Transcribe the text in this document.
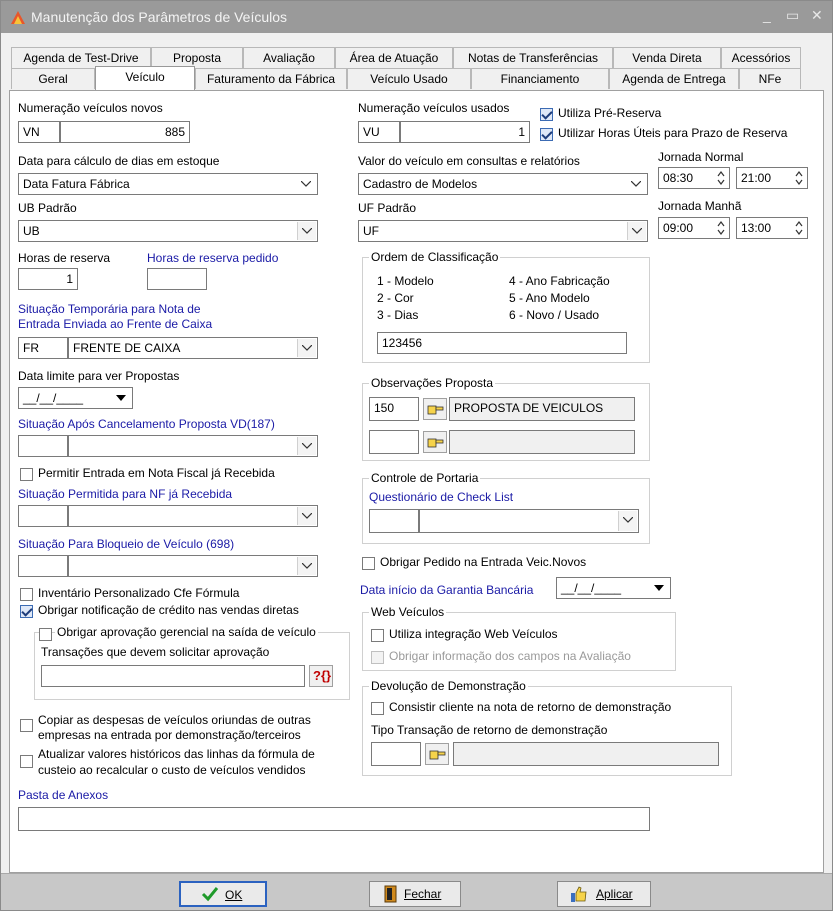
Manutenção dos Parâmetros de Veículos	_ ▭ ✕
Agenda de Test-Drive	Proposta	Avaliação	Área de Atuação	Notas de Transferências	Venda Direta	Acessórios
Geral	Veículo	Faturamento da Fábrica	Veículo Usado	Financiamento	Agenda de Entrega	NFe
Numeração veículos novos
VN	885
Data para cálculo de dias em estoque
Data Fatura Fábrica
UB Padrão
UB
Horas de reserva	Horas de reserva pedido
1
Situação Temporária para Nota de
Entrada Enviada ao Frente de Caixa
FR	FRENTE DE CAIXA
Data limite para ver Propostas
__/__/____
Situação Após Cancelamento Proposta VD(187)
Permitir Entrada em Nota Fiscal já Recebida
Situação Permitida para NF já Recebida
Situação Para Bloqueio de Veículo (698)
Inventário Personalizado Cfe Fórmula
Obrigar notificação de crédito nas vendas diretas
Obrigar aprovação gerencial na saída de veículo
Transações que devem solicitar aprovação
?{}
Copiar as despesas de veículos oriundas de outras
empresas na entrada por demonstração/terceiros
Atualizar valores históricos das linhas da fórmula de
custeio ao recalcular o custo de veículos vendidos
Pasta de Anexos
Numeração veículos usados
VU	1
Utiliza Pré-Reserva
Utilizar Horas Úteis para Prazo de Reserva
Valor do veículo em consultas e relatórios
Cadastro de Modelos
UF Padrão
UF
Jornada Normal
08:30	21:00
Jornada Manhã
09:00	13:00
Ordem de Classificação
1 - Modelo
2 - Cor
3 - Dias
4 - Ano Fabricação
5 - Ano Modelo
6 - Novo / Usado
123456
Observações Proposta
150	PROPOSTA DE VEICULOS
Controle de Portaria
Questionário de Check List
Obrigar Pedido na Entrada Veic.Novos
Data início da Garantia Bancária __/__/____
Web Veículos
Utiliza integração Web Veículos
Obrigar informação dos campos na Avaliação
Devolução de Demonstração
Consistir cliente na nota de retorno de demonstração
Tipo Transação de retorno de demonstração
OK	Fechar	Aplicar
